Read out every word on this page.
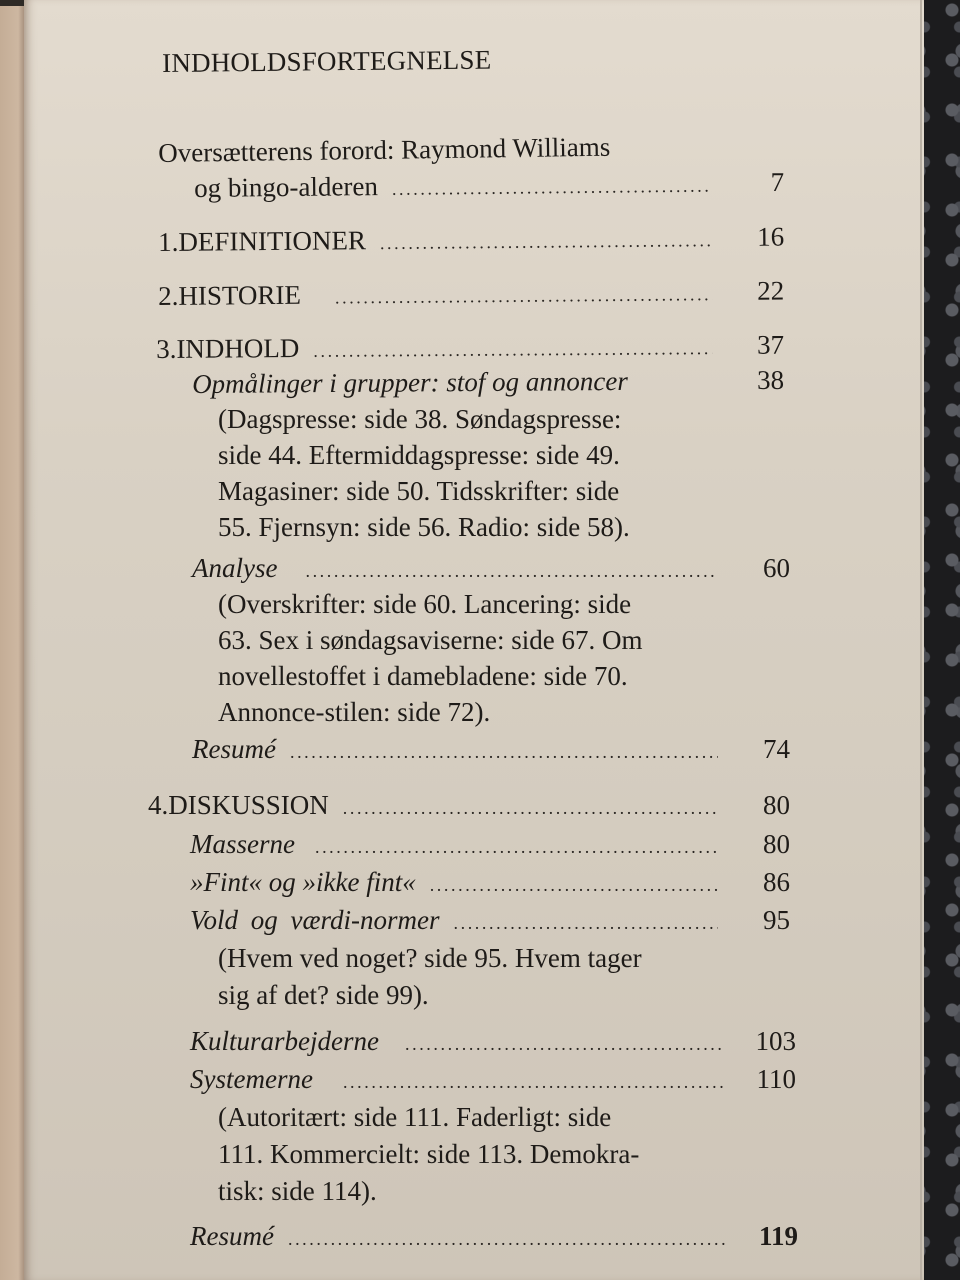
INDHOLDSFORTEGNELSE
Oversætterens forord: Raymond Williams
og bingo-alderen .....	7
1. DEFINITIONER .....	16
2. HISTORIE .....	22
3. INDHOLD .....	37
Opmålinger i grupper: stof og annoncer	38
(Dagspresse: side 38. Søndagspresse:
side 44. Eftermiddagspresse: side 49.
Magasiner: side 50. Tidsskrifter: side
55. Fjernsyn: side 56. Radio: side 58).
Analyse .....	60
(Overskrifter: side 60. Lancering: side
63. Sex i søndagsaviserne: side 67. Om
novellestoffet i damebladene: side 70.
Annonce-stilen: side 72).
Resumé .....	74
4. DISKUSSION .....	80
Masserne .....	80
»Fint« og »ikke fint« .....	86
Vold og værdi-normer .....	95
(Hvem ved noget? side 95. Hvem tager
sig af det? side 99).
Kulturarbejderne .....	103
Systemerne .....	110
(Autoritært: side 111. Faderligt: side
111. Kommercielt: side 113. Demokra-
tisk: side 114).
Resumé .....	119
